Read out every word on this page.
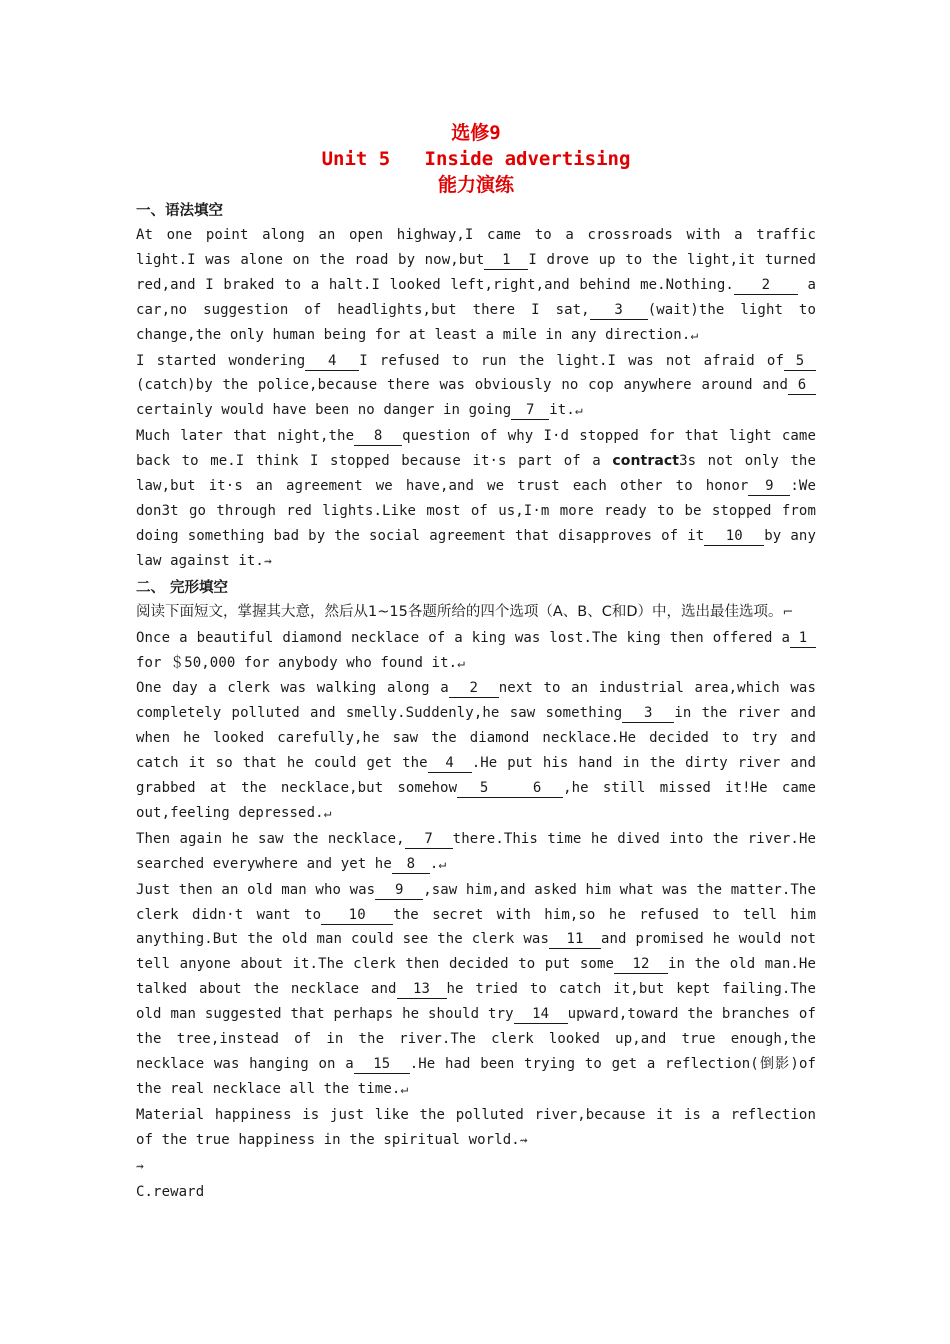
选修9
Unit 5   Inside advertising
能力演练
一、语法填空
At one point along an open highway,I came to a crossroads with a traffic light.I was alone on the road by now,but 1 I drove up to the light,it turned red,and I braked to a halt.I looked left,right,and behind me.Nothing. 2	a car,no suggestion of headlights,but there I sat, 3 (wait)the light to change,the only human being for at least a mile in any direction.↵
I started wondering 4 I refused to run the light.I was not afraid of 5 (catch)by the police,because there was obviously no cop anywhere around and 6 certainly would have been no danger in going 7 it.↵
Much later that night,the 8 question of why I·d stopped for that light came back to me.I think I stopped because it·s part of a contract3s not only the law,but it·s an agreement we have,and we trust each other to honor 9 :We don3t go through red lights.Like most of us,I·m more ready to be stopped from doing something bad by the social agreement that disapproves of it 10 by any law against it.⇝
二、 完形填空
阅读下面短文，掌握其大意，然后从1~15各题所给的四个选项（A、B、C和D）中，选出最佳选项。⌐
Once a beautiful diamond necklace of a king was lost.The king then offered a 1 for ＄50,000 for anybody who found it.↵
One day a clerk was walking along a 2 next to an industrial area,which was completely polluted and smelly.Suddenly,he saw something 3 in the river and when he looked carefully,he saw the diamond necklace.He decided to try and catch it so that he could get the 4 .He put his hand in the dirty river and grabbed at the necklace,but somehow 5	6 ,he still missed it!He came out,feeling depressed.↵
Then again he saw the necklace, 7 there.This time he dived into the river.He searched everywhere and yet he 8 .↵
Just then an old man who was 9 ,saw him,and asked him what was the matter.The clerk didn·t want to 10 the secret with him,so he refused to tell him anything.But the old man could see the clerk was 11 and promised he would not tell anyone about it.The clerk then decided to put some 12 in the old man.He talked about the necklace and 13 he tried to catch it,but kept failing.The old man suggested that perhaps he should try 14 upward,toward the branches of the tree,instead of in the river.The clerk looked up,and true enough,the necklace was hanging on a 15 .He had been trying to get a reflection(倒影)of the real necklace all the time.↵
Material happiness is just like the polluted river,because it is a reflection of the true happiness in the spiritual world.⇝
⇝
C.reward
